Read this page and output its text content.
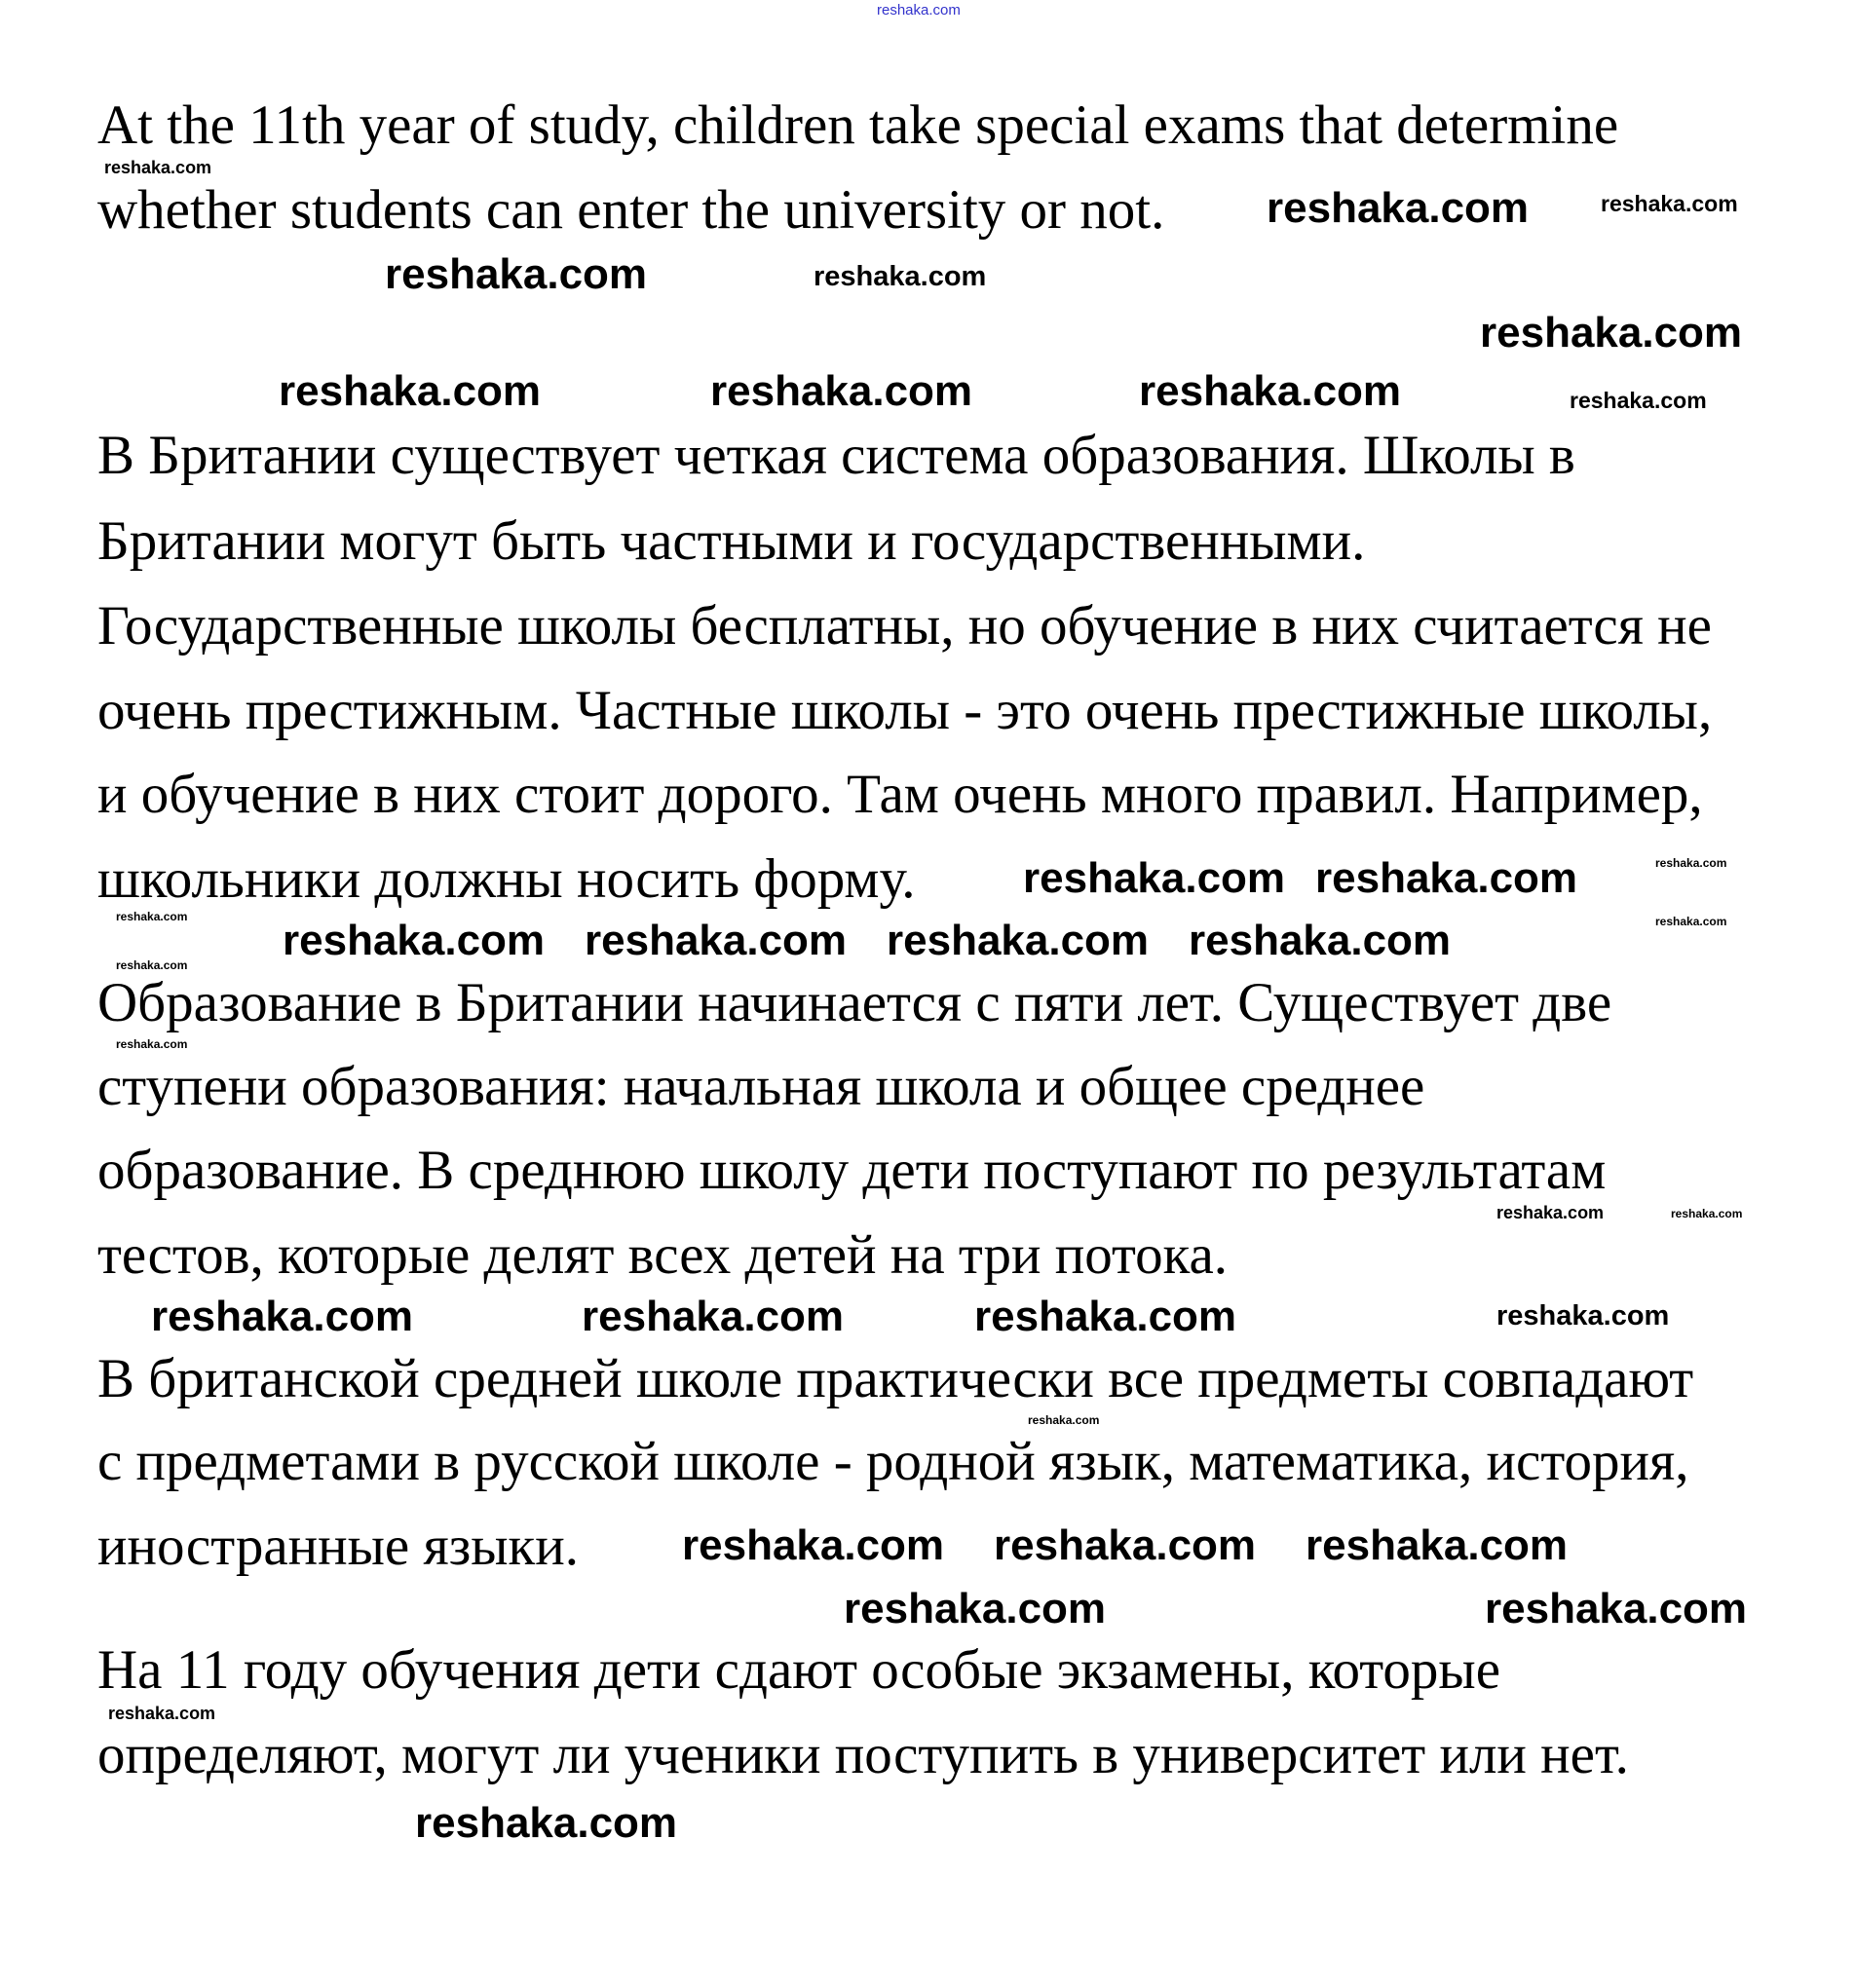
reshaka.com
At the 11th year of study, children take special exams that determine
whether students can enter the university or not.
В Британии существует четкая система образования. Школы в
Британии могут быть частными и государственными.
Государственные школы бесплатны, но обучение в них считается не
очень престижным. Частные школы - это очень престижные школы,
и обучение в них стоит дорого. Там очень много правил. Например,
школьники должны носить форму.
Образование в Британии начинается с пяти лет. Существует две
ступени образования: начальная школа и общее среднее
образование. В среднюю школу дети поступают по результатам
тестов, которые делят всех детей на три потока.
В британской средней школе практически все предметы совпадают
с предметами в русской школе - родной язык, математика, история,
иностранные языки.
На 11 году обучения дети сдают особые экзамены, которые
определяют, могут ли ученики поступить в университет или нет.
reshaka.com
reshaka.com	reshaka.com
reshaka.com	reshaka.com
reshaka.com	reshaka.com	reshaka.com	reshaka.com
reshaka.com
reshaka.com
reshaka.com
reshaka.com
reshaka.com
reshaka.com
reshaka.com	reshaka.com
reshaka.com
reshaka.com
reshaka.com
reshaka.com
reshaka.com
reshaka.com	reshaka.com
reshaka.com	reshaka.com
reshaka.com
reshaka.com
reshaka.com
reshaka.com
reshaka.com
reshaka.com	reshaka.com
reshaka.com
reshaka.com
